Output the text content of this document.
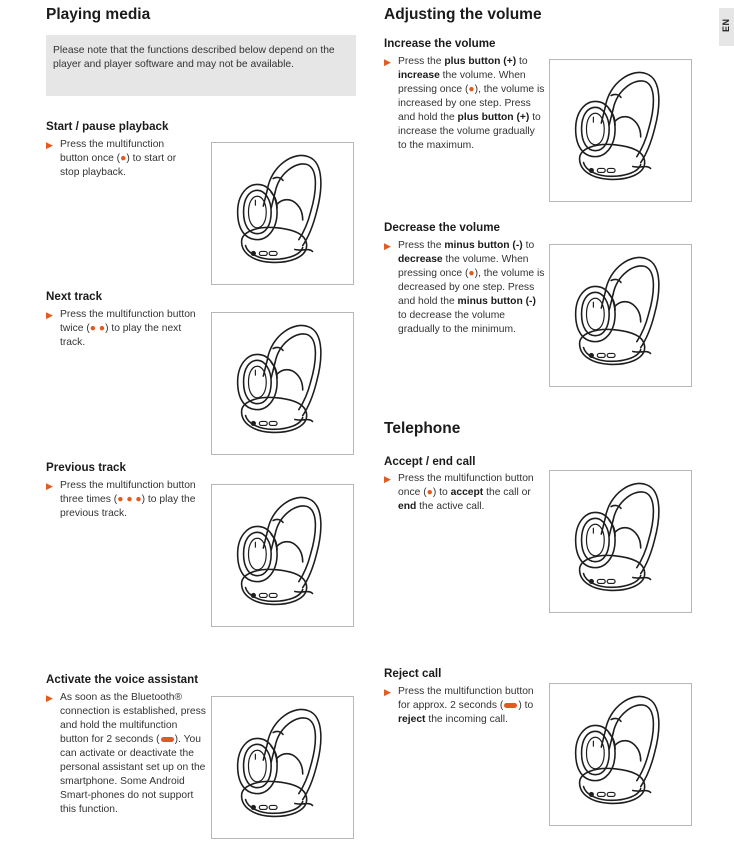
EN
Playing media
Please note that the functions described below depend on the player and player software and may not be available.
Start / pause playback
▶ Press the multifunction button once (●) to start or stop playback.
Next track
▶ Press the multifunction button twice (● ●) to play the next track.
Previous track
▶ Press the multifunction button three times (● ● ●) to play the previous track.
Activate the voice assistant
▶ As soon as the Bluetooth® connection is established, press and hold the multifunction button for 2 seconds ( ). You can activate or deactivate the personal assistant set up on the smartphone. Some Android Smart-phones do not support this function.
Adjusting the volume
Increase the volume
▶ Press the plus button (+) to increase the volume. When pressing once (●), the volume is increased by one step. Press and hold the plus button (+) to increase the volume gradually to the maximum.
Decrease the volume
▶ Press the minus button (-) to decrease the volume. When pressing once (●), the volume is decreased by one step. Press and hold the minus button (-) to decrease the volume gradually to the minimum.
Telephone
Accept / end call
▶ Press the multifunction button once (●) to accept the call or end the active call.
Reject call
▶ Press the multifunction button for approx. 2 seconds ( ) to reject the incoming call.
